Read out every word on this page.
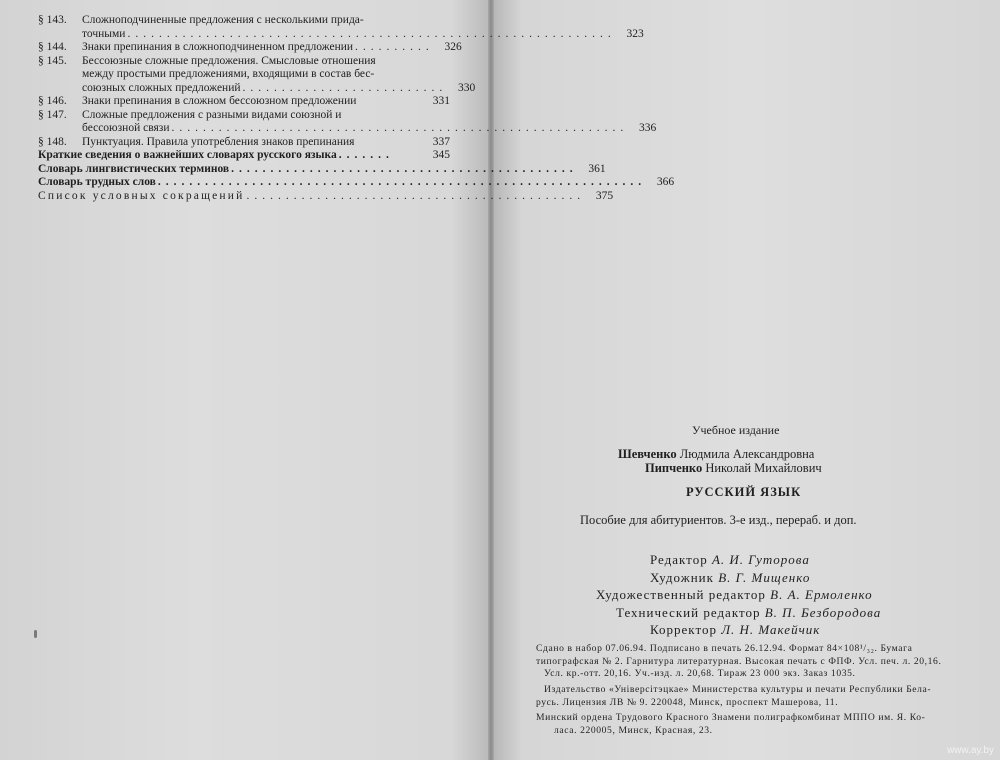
§ 143.	Сложноподчиненные предложения с несколькими прида-
точными .............................................................. 323
§ 144.	Знаки препинания в сложноподчиненном предложении .......... 326
§ 145.	Бессоюзные сложные предложения. Смысловые отношения
между простыми предложениями, входящими в состав бес-
союзных сложных предложений .......................... 330
§ 146.	Знаки препинания в сложном бессоюзном предложении	331
§ 147.	Сложные предложения с разными видами союзной и
бессоюзной связи .......................................................... 336
§ 148.	Пунктуация. Правила употребления знаков препинания	337
Краткие сведения о важнейших словарях русского языка .......	345
Словарь лингвистических терминов ............................................ 361
Словарь трудных слов .............................................................. 366
Список условных сокращений ........................................... 375
Учебное издание
Шевченко Людмила Александровна
Пипченко Николай Михайлович
РУССКИЙ ЯЗЫК
Пособие для абитуриентов. 3-е изд., перераб. и доп.
Редактор А. И. Гуторова
Художник В. Г. Мищенко
Художественный редактор В. А. Ермоленко
Технический редактор В. П. Безбородова
Корректор Л. Н. Макейчик
Сдано в набор 07.06.94. Подписано в печать 26.12.94. Формат 84×108¹/₃₂. Бумага
типографская № 2. Гарнитура литературная. Высокая печать с ФПФ. Усл. печ. л. 20,16.
Усл. кр.-отт. 20,16. Уч.-изд. л. 20,68. Тираж 23 000 экз. Заказ 1035.
Издательство «Унiверсiтэцкае» Министерства культуры и печати Республики Бела-
русь. Лицензия ЛВ № 9. 220048, Минск, проспект Машерова, 11.
Минский ордена Трудового Красного Знамени полиграфкомбинат МППО им. Я. Ко-
ласа. 220005, Минск, Красная, 23.
www.ay.by
